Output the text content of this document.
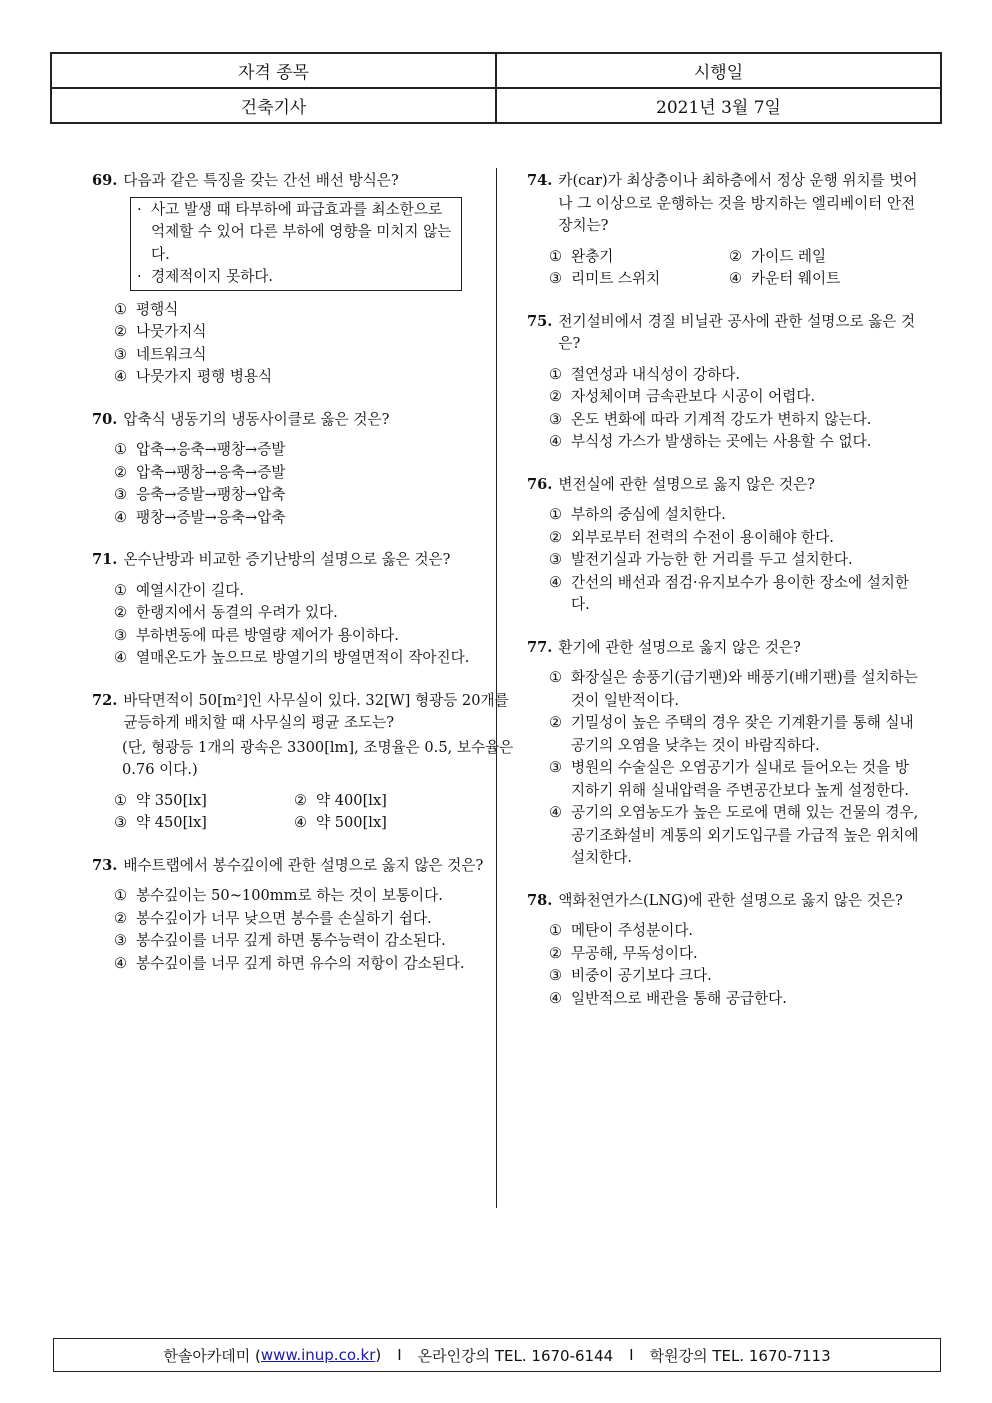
자격 종목	시행일
건축기사	2021년 3월 7일
69. 다음과 같은 특징을 갖는 간선 배선 방식은?
· 사고 발생 때 타부하에 파급효과를 최소한으로 억제할 수 있어 다른 부하에 영향을 미치지 않는다.
· 경제적이지 못하다.
① 평행식
② 나뭇가지식
③ 네트워크식
④ 나뭇가지 평행 병용식
70. 압축식 냉동기의 냉동사이클로 옳은 것은?
① 압축→응축→팽창→증발
② 압축→팽창→응축→증발
③ 응축→증발→팽창→압축
④ 팽창→증발→응축→압축
71. 온수난방과 비교한 증기난방의 설명으로 옳은 것은?
① 예열시간이 길다.
② 한랭지에서 동결의 우려가 있다.
③ 부하변동에 따른 방열량 제어가 용이하다.
④ 열매온도가 높으므로 방열기의 방열면적이 작아진다.
72. 바닥면적이 50[m²]인 사무실이 있다. 32[W] 형광등 20개를 균등하게 배치할 때 사무실의 평균 조도는?
(단, 형광등 1개의 광속은 3300[lm], 조명율은 0.5, 보수율은 0.76 이다.)
① 약 350[lx]	② 약 400[lx]
③ 약 450[lx]	④ 약 500[lx]
73. 배수트랩에서 봉수깊이에 관한 설명으로 옳지 않은 것은?
① 봉수깊이는 50~100mm로 하는 것이 보통이다.
② 봉수깊이가 너무 낮으면 봉수를 손실하기 쉽다.
③ 봉수깊이를 너무 깊게 하면 통수능력이 감소된다.
④ 봉수깊이를 너무 깊게 하면 유수의 저항이 감소된다.
74. 카(car)가 최상층이나 최하층에서 정상 운행 위치를 벗어나 그 이상으로 운행하는 것을 방지하는 엘리베이터 안전장치는?
① 완충기	② 가이드 레일
③ 리미트 스위치	④ 카운터 웨이트
75. 전기설비에서 경질 비닐관 공사에 관한 설명으로 옳은 것은?
① 절연성과 내식성이 강하다.
② 자성체이며 금속관보다 시공이 어렵다.
③ 온도 변화에 따라 기계적 강도가 변하지 않는다.
④ 부식성 가스가 발생하는 곳에는 사용할 수 없다.
76. 변전실에 관한 설명으로 옳지 않은 것은?
① 부하의 중심에 설치한다.
② 외부로부터 전력의 수전이 용이해야 한다.
③ 발전기실과 가능한 한 거리를 두고 설치한다.
④ 간선의 배선과 점검·유지보수가 용이한 장소에 설치한다.
77. 환기에 관한 설명으로 옳지 않은 것은?
① 화장실은 송풍기(급기팬)와 배풍기(배기팬)를 설치하는 것이 일반적이다.
② 기밀성이 높은 주택의 경우 잦은 기계환기를 통해 실내공기의 오염을 낮추는 것이 바람직하다.
③ 병원의 수술실은 오염공기가 실내로 들어오는 것을 방지하기 위해 실내압력을 주변공간보다 높게 설정한다.
④ 공기의 오염농도가 높은 도로에 면해 있는 건물의 경우, 공기조화설비 계통의 외기도입구를 가급적 높은 위치에 설치한다.
78. 액화천연가스(LNG)에 관한 설명으로 옳지 않은 것은?
① 메탄이 주성분이다.
② 무공해, 무독성이다.
③ 비중이 공기보다 크다.
④ 일반적으로 배관을 통해 공급한다.
한솔아카데미 ( www.inup.co.kr ) I 온라인강의 TEL. 1670-6144 I 학원강의 TEL. 1670-7113
